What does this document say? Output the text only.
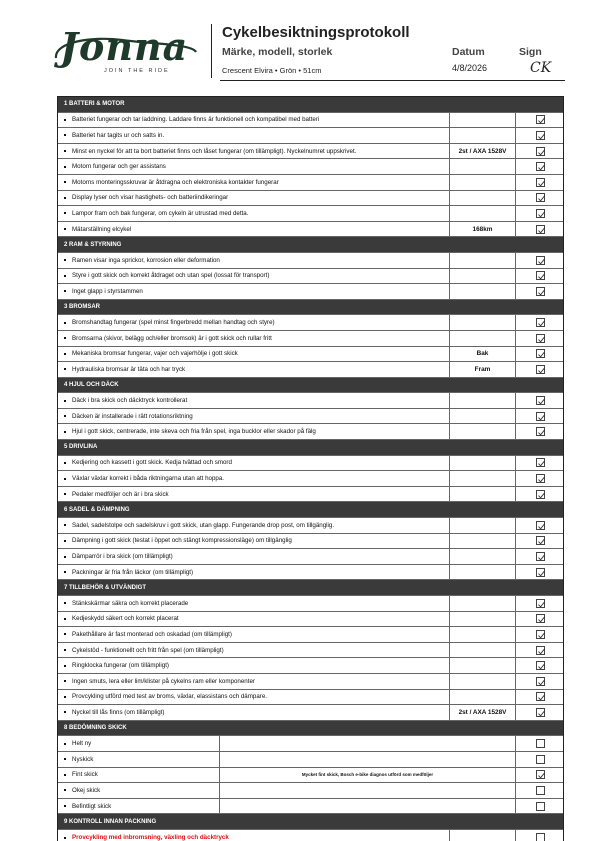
Jonna
JOIN THE RIDE
Cykelbesiktningsprotokoll
Märke, modell, storlek	Datum	Sign
Crescent Elvira • Grön • 51cm	4/8/2026	CK
1 BATTERI & MOTOR
Batteriet fungerar och tar laddning. Laddare finns är funktionell och kompatibel med batteri
Batteriet har tagits ur och satts in.
Minst en nyckel för att ta bort batteriet finns och låset fungerar (om tillämpligt). Nyckelnumret uppskrivet.	2st / AXA 1528V
Motorn fungerar och ger assistans
Motorns monteringsskruvar är åtdragna och elektroniska kontakter fungerar
Display lyser och visar hastighets- och batteriindikeringar
Lampor fram och bak fungerar, om cykeln är utrustad med detta.
Mätarställning elcykel	168km
2 RAM & STYRNING
Ramen visar inga sprickor, korrosion eller deformation
Styre i gott skick och korrekt åtdraget och utan spel (lossat för transport)
Inget glapp i styrstammen
3 BROMSAR
Bromshandtag fungerar (spel minst fingerbredd mellan handtag och styre)
Bromsarna (skivor, belägg och/eller bromsok) är i gott skick och rullar fritt
Mekaniska bromsar fungerar, vajer och vajerhölje i gott skick	Bak
Hydrauliska bromsar är täta och har tryck	Fram
4 HJUL OCH DÄCK
Däck i bra skick och däcktryck kontrollerat
Däcken är installerade i rätt rotationsriktning
Hjul i gott skick, centrerade, inte skeva och fria från spel, inga bucklor eller skador på fälg
5 DRIVLINA
Kedjering och kassett i gott skick. Kedja tvättad och smord
Växlar växlar korrekt i båda riktningarna utan att hoppa.
Pedaler medföljer och är i bra skick
6 SADEL & DÄMPNING
Sadel, sadelstolpe och sadelskruv i gott skick, utan glapp. Fungerande drop post, om tillgänglig.
Dämpning i gott skick (testat i öppet och stängt kompressionsläge) om tillgänglig
Dämparrör i bra skick (om tillämpligt)
Packningar är fria från läckor (om tillämpligt)
7 TILLBEHÖR & UTVÄNDIGT
Stänkskärmar säkra och korrekt placerade
Kedjeskydd säkert och korrekt placerat
Pakethållare är fast monterad och oskadad (om tillämpligt)
Cykelstöd - funktionellt och fritt från spel (om tillämpligt)
Ringklocka fungerar (om tillämpligt)
Ingen smuts, lera eller lim/klister på cykelns ram eller komponenter
Provcykling utförd med test av broms, växlar, elassistans och dämpare.
Nyckel till lås finns (om tillämpligt)	2st / AXA 1528V
8 BEDÖMNING SKICK
Helt ny
Nyskick
Fint skick	Mycket fint skick, Bosch e-bike diagnos utförd som medföljer
Okej skick
Befintligt skick
9 KONTROLL INNAN PACKNING
Provcykling med inbromsning, växling och däcktryck
